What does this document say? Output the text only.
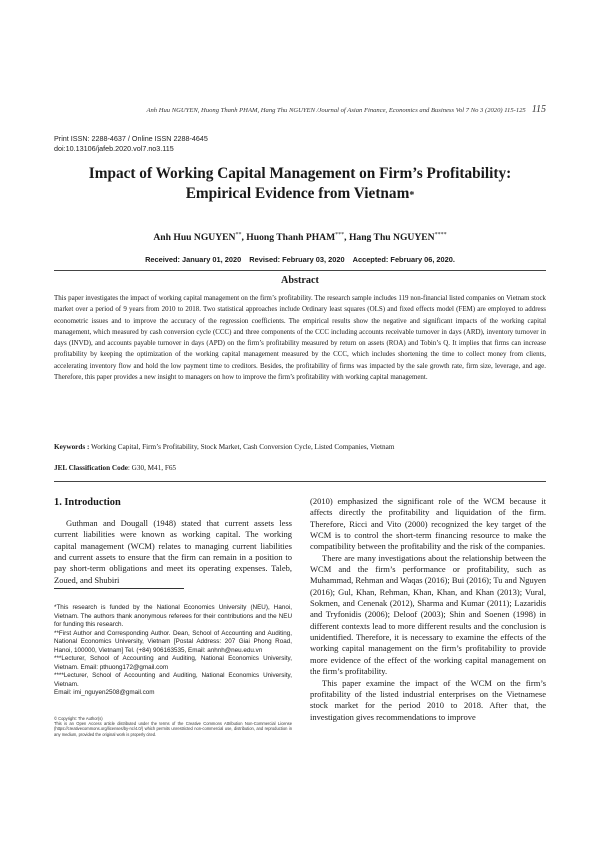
Anh Huu NGUYEN, Huong Thanh PHAM, Hang Thu NGUYEN /Journal of Asian Finance, Economics and Business Vol 7 No 3 (2020) 115-125 115
Print ISSN: 2288-4637 / Online ISSN 2288-4645
doi:10.13106/jafeb.2020.vol7.no3.115
Impact of Working Capital Management on Firm’s Profitability:
Empirical Evidence from Vietnam*
Anh Huu NGUYEN**, Huong Thanh PHAM***, Hang Thu NGUYEN****
Received: January 01, 2020 Revised: February 03, 2020 Accepted: February 06, 2020.
Abstract
This paper investigates the impact of working capital management on the firm’s profitability. The research sample includes 119 non-financial listed companies on Vietnam stock market over a period of 9 years from 2010 to 2018. Two statistical approaches include Ordinary least squares (OLS) and fixed effects model (FEM) are employed to address econometric issues and to improve the accuracy of the regression coefficients. The empirical results show the negative and significant impacts of the working capital management, which measured by cash conversion cycle (CCC) and three components of the CCC including accounts receivable turnover in days (ARD), inventory turnover in days (INVD), and accounts payable turnover in days (APD) on the firm’s profitability measured by return on assets (ROA) and Tobin’s Q. It implies that firms can increase profitability by keeping the optimization of the working capital management measured by the CCC, which includes shortening the time to collect money from clients, accelerating inventory flow and hold the low payment time to creditors. Besides, the profitability of firms was impacted by the sale growth rate, firm size, leverage, and age. Therefore, this paper provides a new insight to managers on how to improve the firm’s profitability with working capital management.
Keywords : Working Capital, Firm’s Profitability, Stock Market, Cash Conversion Cycle, Listed Companies, Vietnam
JEL Classification Code: G30, M41, F65
1. Introduction

Guthman and Dougall (1948) stated that current assets less current liabilities were known as working capital. The working capital management (WCM) relates to managing current liabilities and current assets to ensure that the firm can remain in a position to pay short-term obligations and meet its operating expenses. Taleb, Zoued, and Shubiri

*This research is funded by the National Economics University (NEU), Hanoi, Vietnam. The authors thank anonymous referees for their contributions and the NEU for funding this research.

**First Author and Corresponding Author. Dean, School of Accounting and Auditing, National Economics University, Vietnam [Postal Address: 207 Giai Phong Road, Hanoi, 100000, Vietnam] Tel. (+84) 906163535, Email: anhnh@neu.edu.vn

***Lecturer, School of Accounting and Auditing, National Economics University, Vietnam. Email: pthuong172@gmail.com

****Lecturer, School of Accounting and Auditing, National Economics University, Vietnam.

Email: imi_nguyen2508@gmail.com

© Copyright: The Author(s)

This is an Open Access article distributed under the terms of the Creative Commons Attribution Non-Commercial License (https://creativecommons.org/licenses/by-nc/4.0/) which permits unrestricted non-commercial use, distribution, and reproduction in any medium, provided the original work is properly cited.

(2010) emphasized the significant role of the WCM because it affects directly the profitability and liquidation of the firm. Therefore, Ricci and Vito (2000) recognized the key target of the WCM is to control the short-term financing resource to make the compatibility between the profitability and the risk of the companies.

There are many investigations about the relationship between the WCM and the firm’s performance or profitability, such as Muhammad, Rehman and Waqas (2016); Bui (2016); Tu and Nguyen (2016); Gul, Khan, Rehman, Khan, Khan, and Khan (2013); Vural, Sokmen, and Cenenak (2012), Sharma and Kumar (2011); Lazaridis and Tryfonidis (2006); Deloof (2003); Shin and Soenen (1998) in different contexts lead to more different results and the conclusion is unidentified. Therefore, it is necessary to examine the effects of the working capital management on the firm’s profitability to provide more evidence of the effect of the working capital management on the firm’s profitability.

This paper examine the impact of the WCM on the firm’s profitability of the listed industrial enterprises on the Vietnamese stock market for the period 2010 to 2018. After that, the investigation gives recommendations to improve
